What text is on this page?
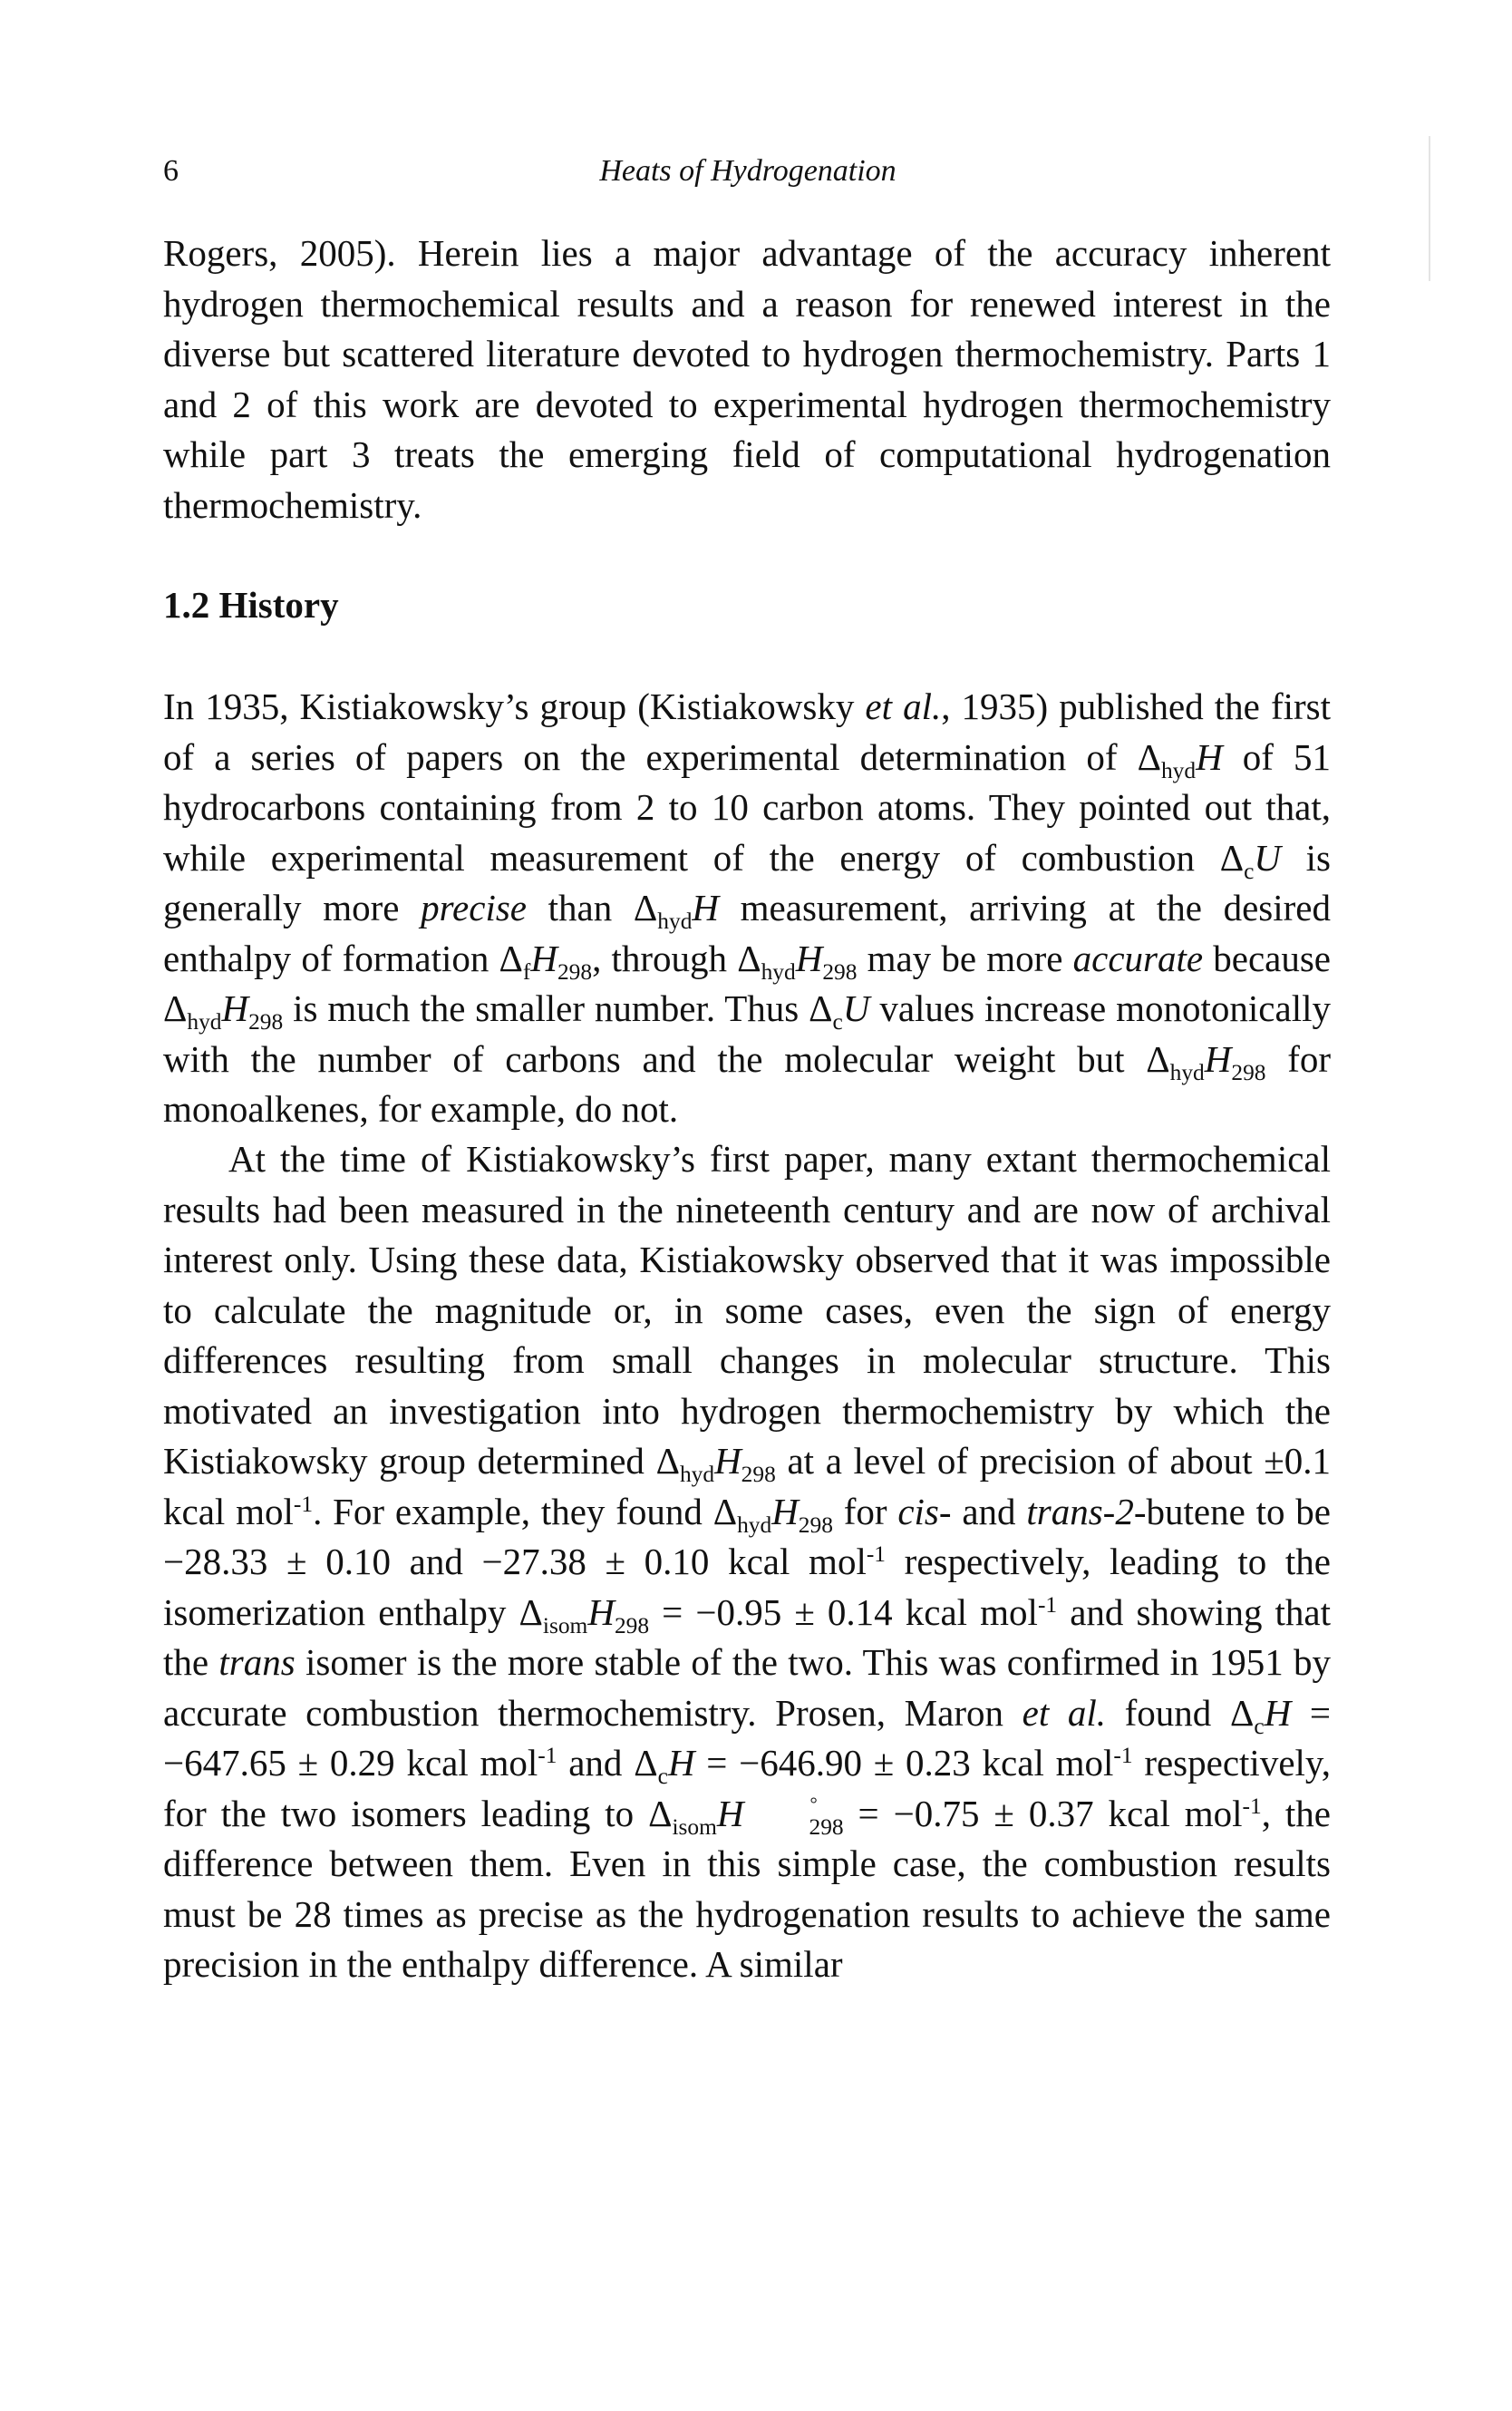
6	Heats of Hydrogenation

Rogers, 2005). Herein lies a major advantage of the accuracy inherent hydrogen thermochemical results and a reason for renewed interest in the diverse but scattered literature devoted to hydrogen thermochemistry. Parts 1 and 2 of this work are devoted to experimental hydrogen thermochemistry while part 3 treats the emerging field of computational hydrogenation thermochemistry.

1.2 History

In 1935, Kistiakowsky’s group (Kistiakowsky et al., 1935) published the first of a series of papers on the experimental determination of $\Delta_{hyd}H$ of 51 hydrocarbons containing from 2 to 10 carbon atoms. They pointed out that, while experimental measurement of the energy of combustion $\Delta_cU$ is generally more precise than $\Delta_{hyd}H$ measurement, arriving at the desired enthalpy of formation $\Delta_fH_{298}$, through $\Delta_{hyd}H_{298}$ may be more accurate because $\Delta_{hyd}H_{298}$ is much the smaller number. Thus $\Delta_cU$ values increase monotonically with the number of carbons and the molecular weight but $\Delta_{hyd}H_{298}$ for monoalkenes, for example, do not.

At the time of Kistiakowsky’s first paper, many extant thermochemical results had been measured in the nineteenth century and are now of archival interest only. Using these data, Kistiakowsky observed that it was impossible to calculate the magnitude or, in some cases, even the sign of energy differences resulting from small changes in molecular structure. This motivated an investigation into hydrogen thermochemistry by which the Kistiakowsky group determined $\Delta_{hyd}H_{298}$ at a level of precision of about ±0.1 kcal mol$^{-1}$. For example, they found $\Delta_{hyd}H_{298}$ for cis- and trans-2-butene to be −28.33 ± 0.10 and −27.38 ± 0.10 kcal mol$^{-1}$ respectively, leading to the isomerization enthalpy $\Delta_{isom}H_{298} = -0.95 \pm 0.14$ kcal mol$^{-1}$ and showing that the trans isomer is the more stable of the two. This was confirmed in 1951 by accurate combustion thermochemistry. Prosen, Maron et al. found $\Delta_cH = -647.65 \pm 0.29$ kcal mol$^{-1}$ and $\Delta_cH = -646.90 \pm 0.23$ kcal mol$^{-1}$ respectively, for the two isomers leading to $\Delta_{isom}H$	°
$_{298}$ = −0.75 ± 0.37 kcal mol$^{-1}$, the difference between them. Even in this simple case, the combustion results must be 28 times as precise as the hydrogenation results to achieve the same precision in the enthalpy difference. A similar
